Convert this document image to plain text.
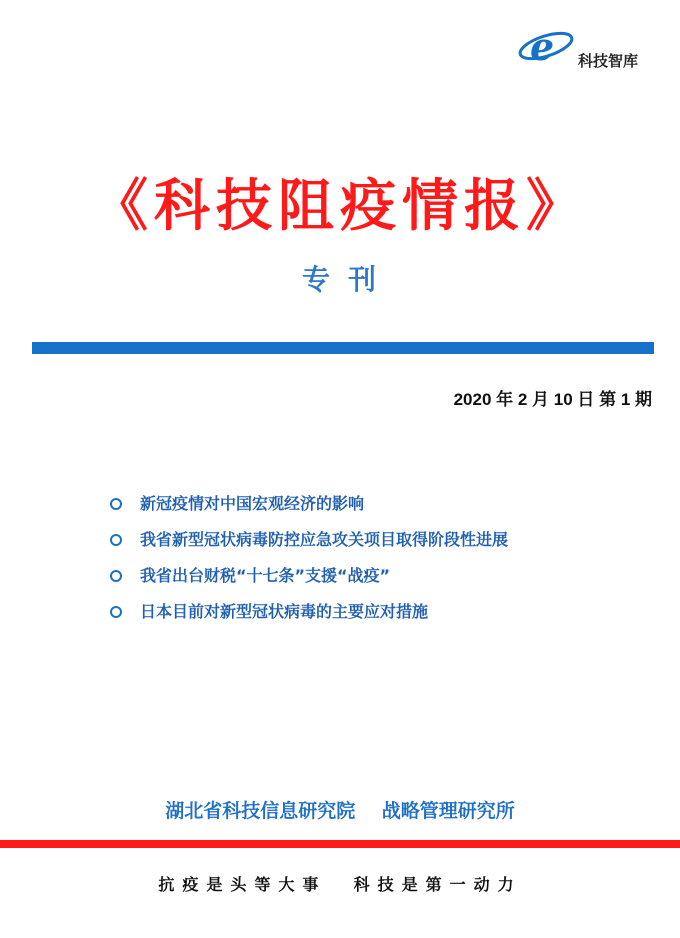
e 科技智库
《科技阻疫情报》
专刊
2020 年 2 月 10 日 第 1 期
新冠疫情对中国宏观经济的影响
我省新型冠状病毒防控应急攻关项目取得阶段性进展
我省出台财税“十七条”支援“战疫”
日本目前对新型冠状病毒的主要应对措施
湖北省科技信息研究院    战略管理研究所
抗疫是头等大事  科技是第一动力
